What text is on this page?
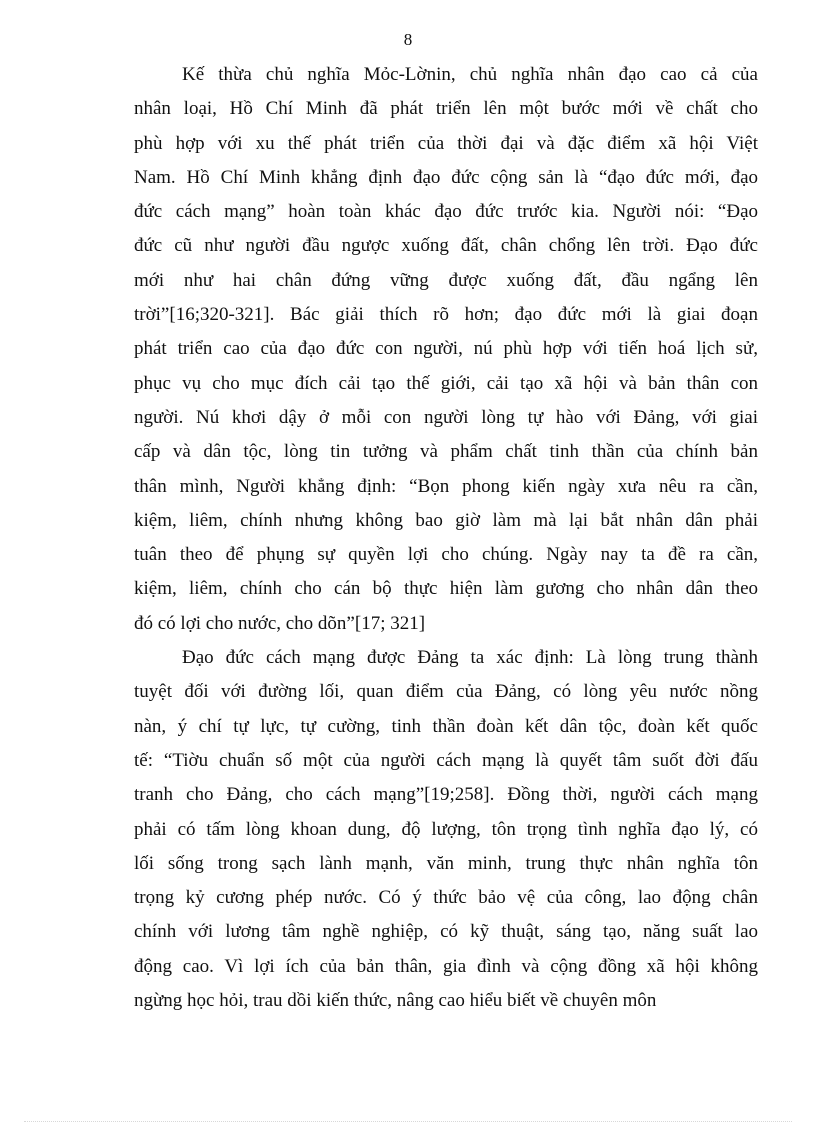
8
Kế thừa chủ nghĩa Mỏc-Lờnin, chủ nghĩa nhân đạo cao cả của
nhân loại, Hồ Chí Minh đã phát triển lên một bước mới về chất cho
phù hợp với xu thế phát triển của thời đại và đặc điểm xã hội Việt
Nam. Hồ Chí Minh khẳng định đạo đức cộng sản là “đạo đức mới, đạo
đức cách mạng” hoàn toàn khác đạo đức trước kia. Người nói: “Đạo
đức cũ như người đầu ngược xuống đất, chân chổng lên trời. Đạo đức
mới như hai chân đứng vững được xuống đất, đầu ngẩng lên
trời”[16;320-321]. Bác giải thích rõ hơn; đạo đức mới là giai đoạn
phát triển cao của đạo đức con người, nú phù hợp với tiến hoá lịch sử,
phục vụ cho mục đích cải tạo thế giới, cải tạo xã hội và bản thân con
người. Nú khơi dậy ở mỗi con người lòng tự hào với Đảng, với giai
cấp và dân tộc, lòng tin tưởng và phẩm chất tinh thần của chính bản
thân mình, Người khẳng định: “Bọn phong kiến ngày xưa nêu ra cần,
kiệm, liêm, chính nhưng không bao giờ làm mà lại bắt nhân dân phải
tuân theo để phụng sự quyền lợi cho chúng. Ngày nay ta đề ra cần,
kiệm, liêm, chính cho cán bộ thực hiện làm gương cho nhân dân theo
đó có lợi cho nước, cho dõn”[17; 321]
Đạo đức cách mạng được Đảng ta xác định: Là lòng trung thành
tuyệt đối với đường lối, quan điểm của Đảng, có lòng yêu nước nồng
nàn, ý chí tự lực, tự cường, tinh thần đoàn kết dân tộc, đoàn kết quốc
tế: “Tiờu chuẩn số một của người cách mạng là quyết tâm suốt đời đấu
tranh cho Đảng, cho cách mạng”[19;258]. Đồng thời, người cách mạng
phải có tấm lòng khoan dung, độ lượng, tôn trọng tình nghĩa đạo lý, có
lối sống trong sạch lành mạnh, văn minh, trung thực nhân nghĩa tôn
trọng kỷ cương phép nước. Có ý thức bảo vệ của công, lao động chân
chính với lương tâm nghề nghiệp, có kỹ thuật, sáng tạo, năng suất lao
động cao. Vì lợi ích của bản thân, gia đình và cộng đồng xã hội không
ngừng học hỏi, trau dồi kiến thức, nâng cao hiểu biết về chuyên môn
